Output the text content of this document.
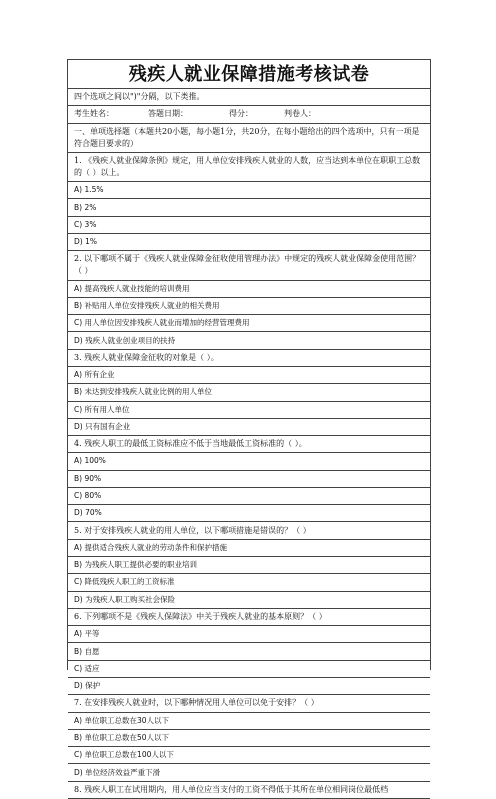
残疾人就业保障措施考核试卷
四个选项之间以")"分隔，以下类推。
考生姓名：	答题日期：	得分：	判卷人：
一、单项选择题（本题共20小题，每小题1分，共20分，在每小题给出的四个选项中，只有一项是符合题目要求的）
1. 《残疾人就业保障条例》规定，用人单位安排残疾人就业的人数，应当达到本单位在职职工总数的（ ）以上。
A) 1.5%
B) 2%
C) 3%
D) 1%
2. 以下哪项不属于《残疾人就业保障金征收使用管理办法》中规定的残疾人就业保障金使用范围？（ ）
A) 提高残疾人就业技能的培训费用
B) 补贴用人单位安排残疾人就业的相关费用
C) 用人单位因安排残疾人就业而增加的经营管理费用
D) 残疾人就业创业项目的扶持
3. 残疾人就业保障金征收的对象是（ ）。
A) 所有企业
B) 未达到安排残疾人就业比例的用人单位
C) 所有用人单位
D) 只有国有企业
4. 残疾人职工的最低工资标准应不低于当地最低工资标准的（ ）。
A) 100%
B) 90%
C) 80%
D) 70%
5. 对于安排残疾人就业的用人单位，以下哪项措施是错误的？（ ）
A) 提供适合残疾人就业的劳动条件和保护措施
B) 为残疾人职工提供必要的职业培训
C) 降低残疾人职工的工资标准
D) 为残疾人职工购买社会保险
6. 下列哪项不是《残疾人保障法》中关于残疾人就业的基本原则？（ ）
A) 平等
B) 自愿
C) 适应
D) 保护
7. 在安排残疾人就业时，以下哪种情况用人单位可以免于安排？（ ）
A) 单位职工总数在30人以下
B) 单位职工总数在50人以下
C) 单位职工总数在100人以下
D) 单位经济效益严重下滑
8. 残疾人职工在试用期内，用人单位应当支付的工资不得低于其所在单位相同岗位最低档
